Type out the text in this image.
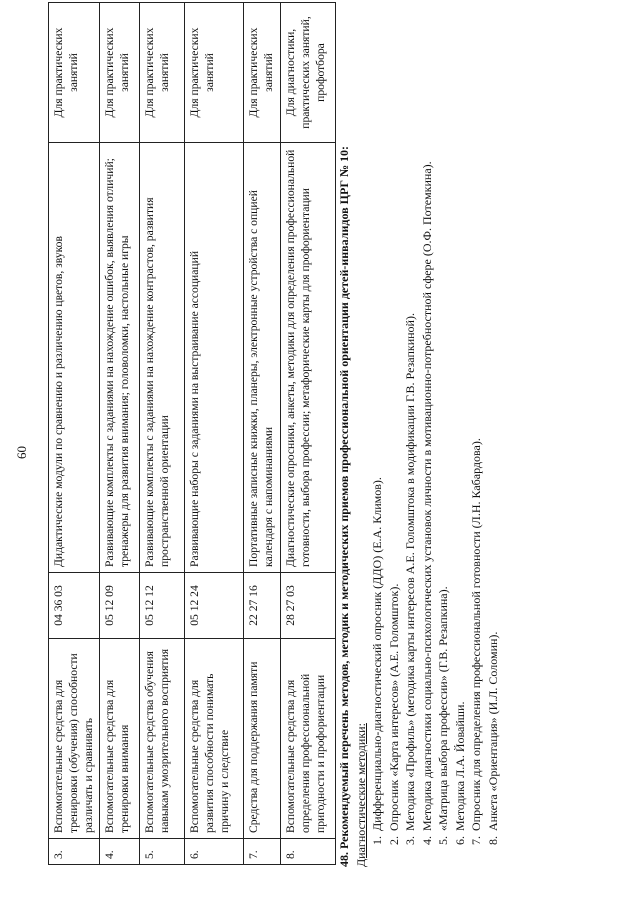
60
3.	Вспомогательные средства для тренировки (обучения) способности различать и сравнивать	04 36 03	Дидактические модули по сравнению и различению цветов, звуков	Для практических занятий
4.	Вспомогательные средства для тренировки внимания	05 12 09	Развивающие комплекты с заданиями на нахождение ошибок, выявления отличий; тренажеры для развития внимания; головоломки, настольные игры	Для практических занятий
5.	Вспомогательные средства обучения навыкам умозрительного восприятия	05 12 12	Развивающие комплекты с заданиями на нахождение контрастов, развития пространственной ориентации	Для практических занятий
6.	Вспомогательные средства для развития способности понимать причину и следствие	05 12 24	Развивающие наборы с заданиями на выстраивание ассоциаций	Для практических занятий
7.	Средства для поддержания памяти	22 27 16	Портативные записные книжки, планеры, электронные устройства с опцией календаря с напоминаниями	Для практических занятий
8.	Вспомогательные средства для определения профессиональной пригодности и профориентации	28 27 03	Диагностические опросники, анкеты, методики для определения профессиональной готовности, выбора профессии; метафорические карты для профориентации	Для диагностики, практических занятий, профотбора
48. Рекомендуемый перечень методов, методик и методических приемов профессиональной ориентации детей-инвалидов ЦРГ № 10: Диагностические методики: 1. Дифференциально-диагностический опросник (ДДО) (Е.А. Климов). 2. Опросник «Карта интересов» (А.Е. Голомшток). 3. Методика «Профиль» (методика карты интересов А.Е. Голомштока в модификации Г.В. Резапкиной). 4. Методика диагностики социально-психологических установок личности в мотивационно-потребностной сфере (О.Ф. Потемкина). 5. «Матрица выбора профессии» (Г.В. Резапкина). 6. Методика Л.А. Йовайши. 7. Опросник для определения профессиональной готовности (Л.Н. Кабардова). 8. Анкета «Ориентация» (И.Л. Соломин).
